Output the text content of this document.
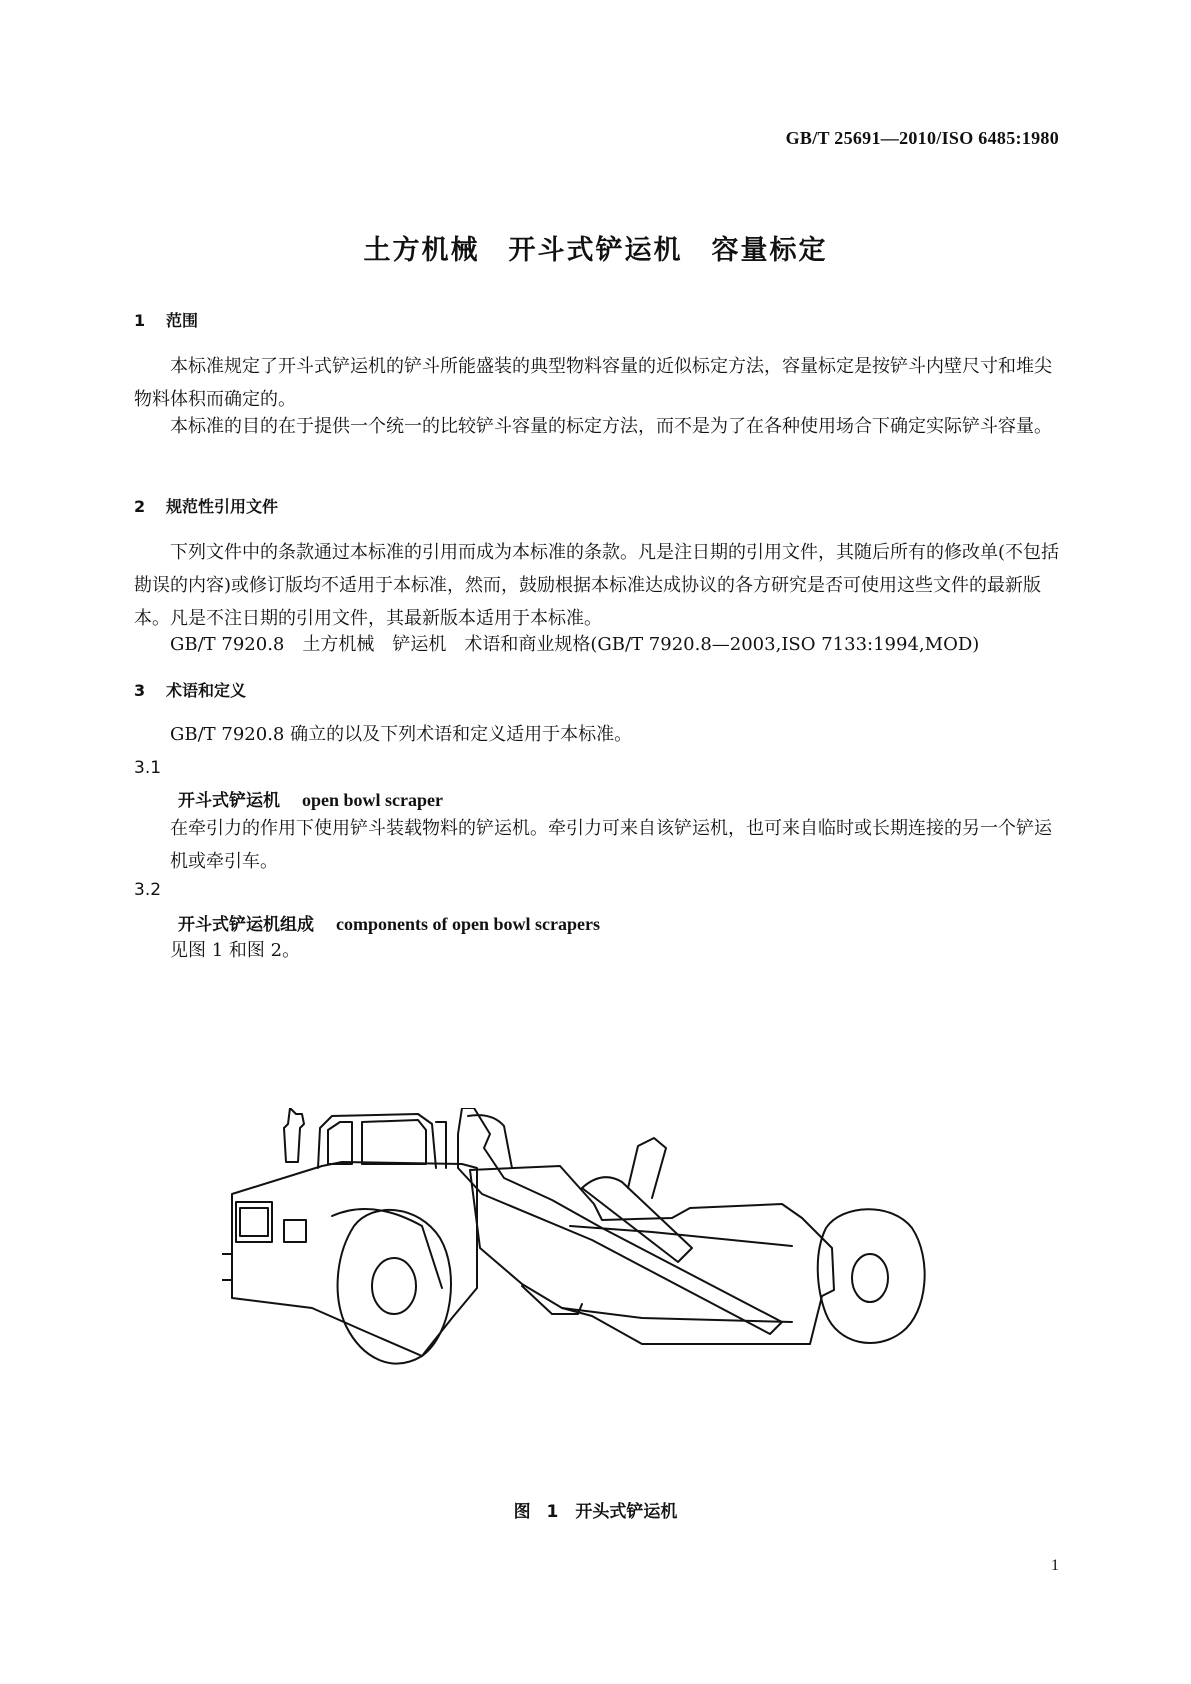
GB/T 25691—2010/ISO 6485:1980
土方机械　开斗式铲运机　容量标定
1 范围
本标准规定了开斗式铲运机的铲斗所能盛装的典型物料容量的近似标定方法，容量标定是按铲斗内壁尺寸和堆尖物料体积而确定的。
本标准的目的在于提供一个统一的比较铲斗容量的标定方法，而不是为了在各种使用场合下确定实际铲斗容量。
2 规范性引用文件
下列文件中的条款通过本标准的引用而成为本标准的条款。凡是注日期的引用文件，其随后所有的修改单(不包括勘误的内容)或修订版均不适用于本标准，然而，鼓励根据本标准达成协议的各方研究是否可使用这些文件的最新版本。凡是不注日期的引用文件，其最新版本适用于本标准。
GB/T 7920.8　土方机械　铲运机　术语和商业规格(GB/T 7920.8—2003,ISO 7133:1994,MOD)
3 术语和定义
GB/T 7920.8 确立的以及下列术语和定义适用于本标准。
3.1
开斗式铲运机 open bowl scraper
在牵引力的作用下使用铲斗装载物料的铲运机。牵引力可来自该铲运机，也可来自临时或长期连接的另一个铲运机或牵引车。
3.2
开斗式铲运机组成 components of open bowl scrapers
见图 1 和图 2。
图 1　开头式铲运机
1
